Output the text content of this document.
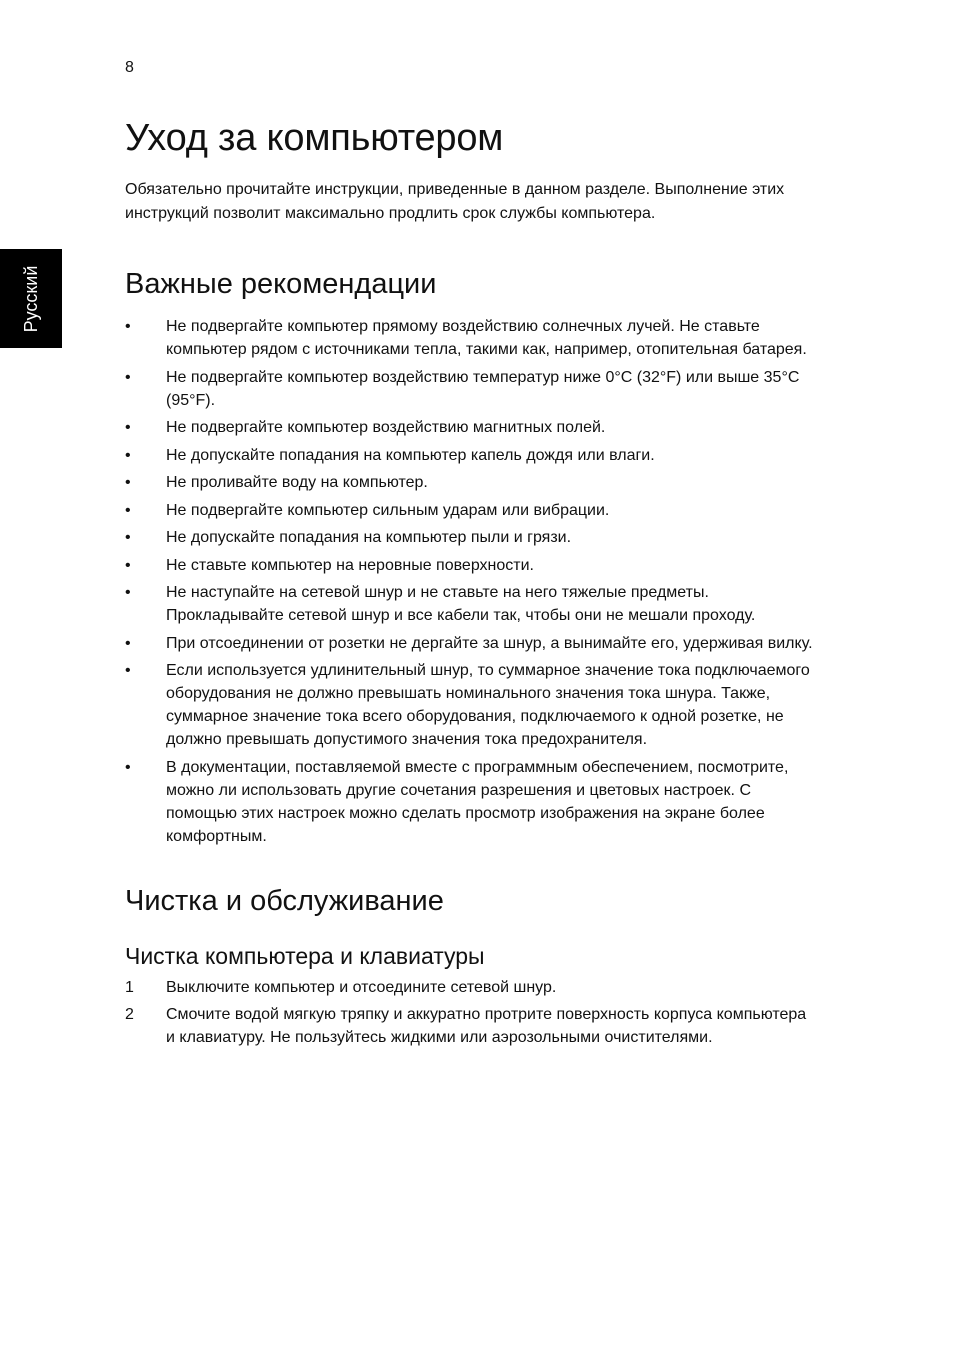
8
Русский
Уход за компьютером

Обязательно прочитайте инструкции, приведенные в данном разделе. Выполнение этих инструкций позволит максимально продлить срок службы компьютера.

Важные рекомендации
•	Не подвергайте компьютер прямому воздействию солнечных лучей. Не ставьте компьютер рядом с источниками тепла, такими как, например, отопительная батарея.
•	Не подвергайте компьютер воздействию температур ниже 0°C (32°F) или выше 35°C (95°F).
•	Не подвергайте компьютер воздействию магнитных полей.
•	Не допускайте попадания на компьютер капель дождя или влаги.
•	Не проливайте воду на компьютер.
•	Не подвергайте компьютер сильным ударам или вибрации.
•	Не допускайте попадания на компьютер пыли и грязи.
•	Не ставьте компьютер на неровные поверхности.
•	Не наступайте на сетевой шнур и не ставьте на него тяжелые предметы. Прокладывайте сетевой шнур и все кабели так, чтобы они не мешали проходу.
•	При отсоединении от розетки не дергайте за шнур, а вынимайте его, удерживая вилку.
•	Если используется удлинительный шнур, то суммарное значение тока подключаемого оборудования не должно превышать номинального значения тока шнура. Также, суммарное значение тока всего оборудования, подключаемого к одной розетке, не должно превышать допустимого значения тока предохранителя.
•	В документации, поставляемой вместе с программным обеспечением, посмотрите, можно ли использовать другие сочетания разрешения и цветовых настроек. С помощью этих настроек можно сделать просмотр изображения на экране более комфортным.
Чистка и обслуживание
Чистка компьютера и клавиатуры
1	Выключите компьютер и отсоедините сетевой шнур.
2	Смочите водой мягкую тряпку и аккуратно протрите поверхность корпуса компьютера и клавиатуру. Не пользуйтесь жидкими или аэрозольными очистителями.
